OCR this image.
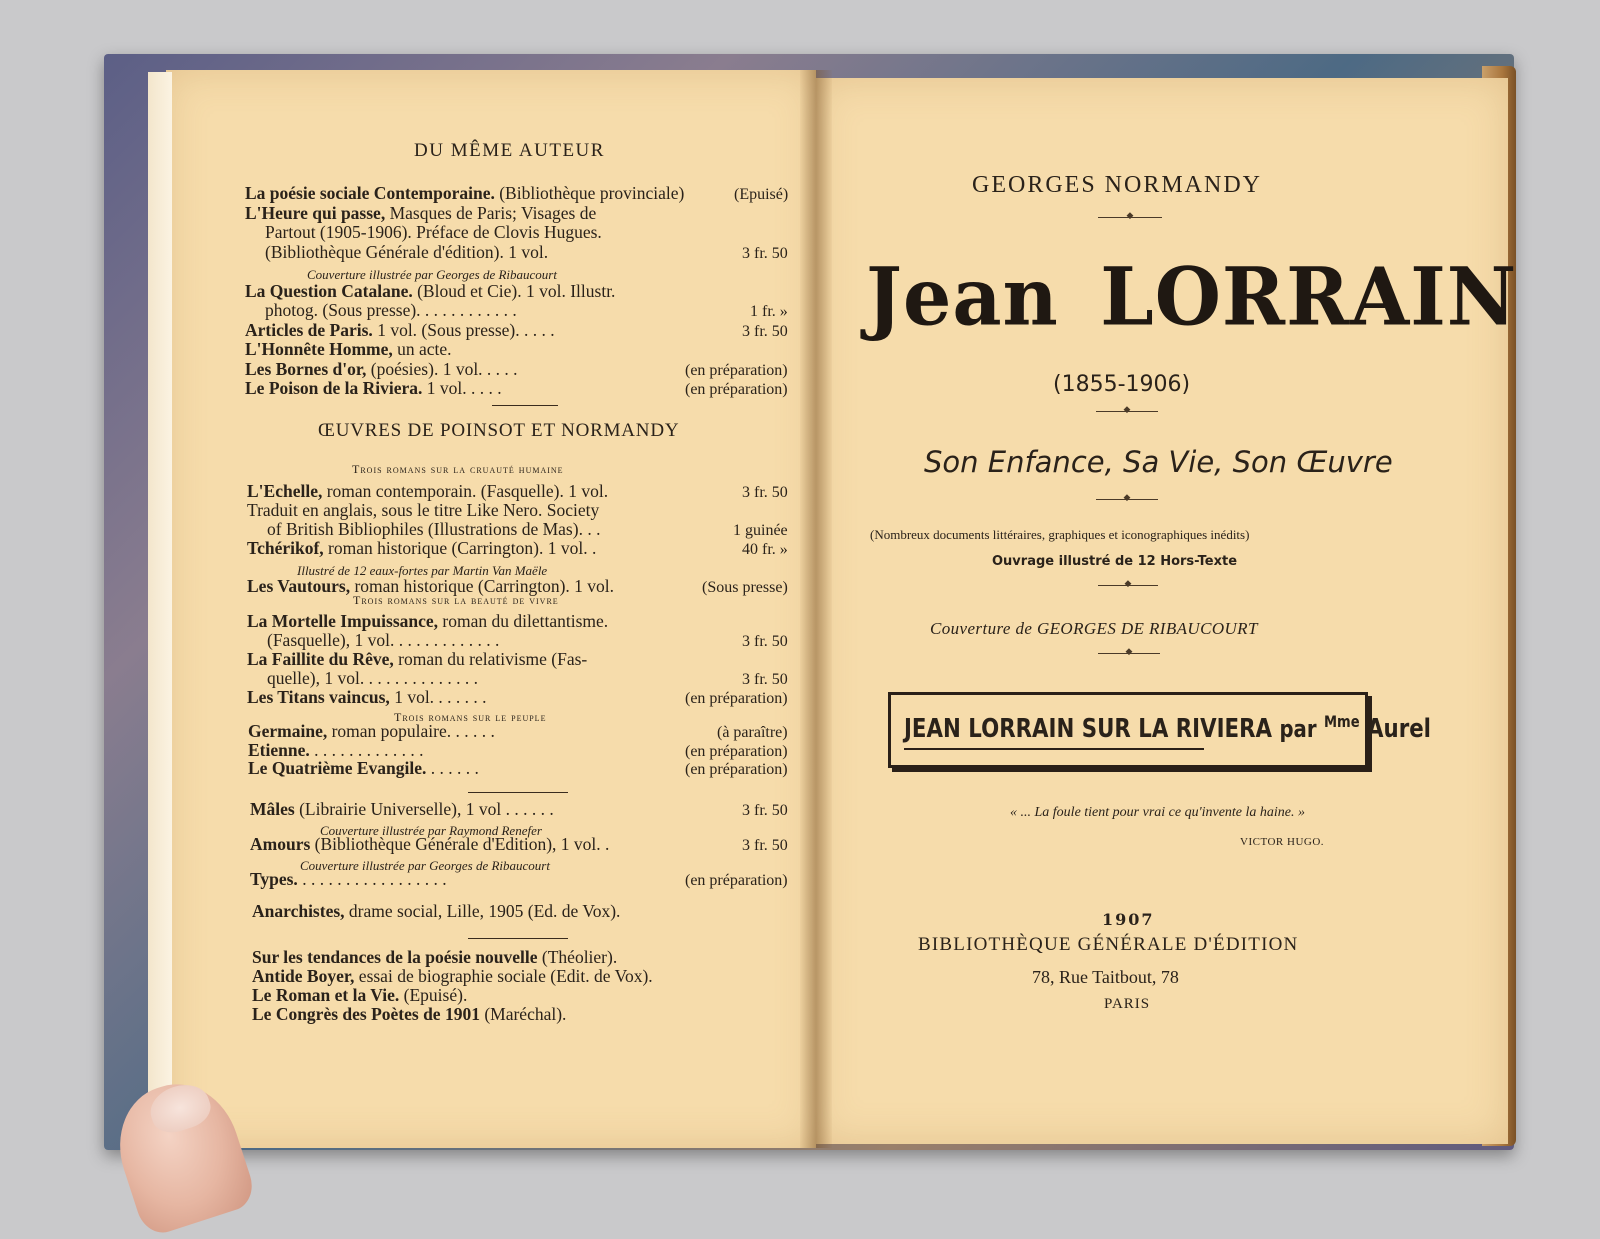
DU MÊME AUTEUR
La poésie sociale Contemporaine. (Bibliothèque provinciale)	(Epuisé)
L'Heure qui passe, Masques de Paris; Visages de
Partout (1905-1906). Préface de Clovis Hugues.
(Bibliothèque Générale d'édition). 1 vol.	3 fr. 50
Couverture illustrée par Georges de Ribaucourt
La Question Catalane. (Bloud et Cie). 1 vol. Illustr.
photog. (Sous presse). . . . . . . . . . . .	1 fr. »
Articles de Paris. 1 vol. (Sous presse). . . . .	3 fr. 50
L'Honnête Homme, un acte.
Les Bornes d'or, (poésies). 1 vol. . . . .	(en préparation)
Le Poison de la Riviera. 1 vol. . . . .	(en préparation)
ŒUVRES DE POINSOT ET NORMANDY
Trois romans sur la cruauté humaine
L'Echelle, roman contemporain. (Fasquelle). 1 vol.	3 fr. 50
Traduit en anglais, sous le titre Like Nero. Society
of British Bibliophiles (Illustrations de Mas). . .	1 guinée
Tchérikof, roman historique (Carrington). 1 vol. .	40 fr. »
Illustré de 12 eaux-fortes par Martin Van Maële
Les Vautours, roman historique (Carrington). 1 vol.	(Sous presse)
Trois romans sur la beauté de vivre
La Mortelle Impuissance, roman du dilettantisme.
(Fasquelle), 1 vol. . . . . . . . . . . . .	3 fr. 50
La Faillite du Rêve, roman du relativisme (Fas-
quelle), 1 vol. . . . . . . . . . . . . .	3 fr. 50
Les Titans vaincus, 1 vol. . . . . . .	(en préparation)
Trois romans sur le peuple
Germaine, roman populaire. . . . . .	(à paraître)
Etienne. . . . . . . . . . . . . .	(en préparation)
Le Quatrième Evangile. . . . . . .	(en préparation)
Mâles (Librairie Universelle), 1 vol . . . . . .	3 fr. 50
Couverture illustrée par Raymond Renefer
Amours (Bibliothèque Générale d'Edition), 1 vol. .	3 fr. 50
Couverture illustrée par Georges de Ribaucourt
Types. . . . . . . . . . . . . . . . . .	(en préparation)
Anarchistes, drame social, Lille, 1905 (Ed. de Vox).
Sur les tendances de la poésie nouvelle (Théolier).
Antide Boyer, essai de biographie sociale (Edit. de Vox).
Le Roman et la Vie. (Epuisé).
Le Congrès des Poètes de 1901 (Maréchal).
GEORGES NORMANDY
◆
Jean LORRAIN
(1855-1906)
◆
Son Enfance, Sa Vie, Son Œuvre
◆
(Nombreux documents littéraires, graphiques et iconographiques inédits)
Ouvrage illustré de 12 Hors-Texte
◆
Couverture de GEORGES DE RIBAUCOURT
◆
JEAN LORRAIN SUR LA RIVIERA par $^{Mme}$ Aurel
« ... La foule tient pour vrai ce qu'invente la haine. »
VICTOR HUGO.
1907
BIBLIOTHÈQUE GÉNÉRALE D'ÉDITION
78, Rue Taitbout, 78
PARIS
